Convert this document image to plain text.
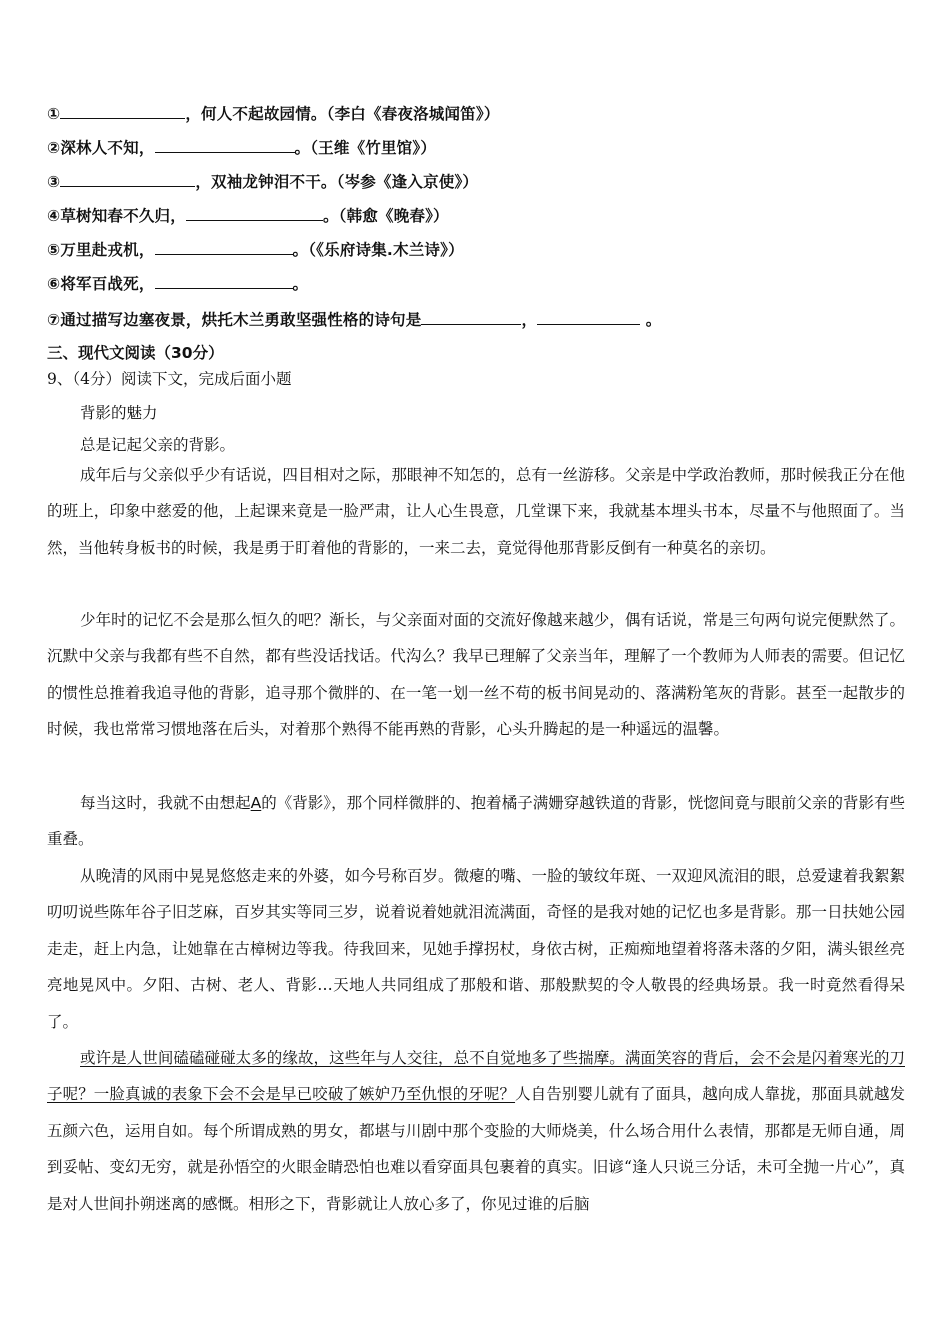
①	，何人不起故园情。（李白《春夜洛城闻笛》）
②深林人不知，	。（王维《竹里馆》）
③	，双袖龙钟泪不干。（岑参《逢入京使》）
④草树知春不久归，	。（韩愈《晚春》）
⑤万里赴戎机，	。（《乐府诗集.木兰诗》）
⑥将军百战死，	。
⑦通过描写边塞夜景，烘托木兰勇敢坚强性格的诗句是	，	。
三、现代文阅读（30分）
9、（4分）阅读下文，完成后面小题
背影的魅力
总是记起父亲的背影。

成年后与父亲似乎少有话说，四目相对之际，那眼神不知怎的，总有一丝游移。父亲是中学政治教师，那时候我正分在他的班上，印象中慈爱的他，上起课来竟是一脸严肃，让人心生畏意，几堂课下来，我就基本埋头书本，尽量不与他照面了。当然，当他转身板书的时候，我是勇于盯着他的背影的，一来二去，竟觉得他那背影反倒有一种莫名的亲切。

少年时的记忆不会是那么恒久的吧？渐长，与父亲面对面的交流好像越来越少，偶有话说，常是三句两句说完便默然了。沉默中父亲与我都有些不自然，都有些没话找话。代沟么？我早已理解了父亲当年，理解了一个教师为人师表的需要。但记忆的惯性总推着我追寻他的背影，追寻那个微胖的、在一笔一划一丝不苟的板书间晃动的、落满粉笔灰的背影。甚至一起散步的时候，我也常常习惯地落在后头，对着那个熟得不能再熟的背影，心头升腾起的是一种遥远的温馨。

每当这时，我就不由想起A的《背影》，那个同样微胖的、抱着橘子满姗穿越铁道的背影，恍惚间竟与眼前父亲的背影有些重叠。

从晚清的风雨中晃晃悠悠走来的外婆，如今号称百岁。微瘪的嘴、一脸的皱纹年斑、一双迎风流泪的眼，总爱逮着我絮絮叨叨说些陈年谷子旧芝麻，百岁其实等同三岁，说着说着她就泪流满面，奇怪的是我对她的记忆也多是背影。那一日扶她公园走走，赶上内急，让她靠在古樟树边等我。待我回来，见她手撑拐杖，身依古树，正痴痴地望着将落未落的夕阳，满头银丝亮亮地晃风中。夕阳、古树、老人、背影…天地人共同组成了那般和谐、那般默契的令人敬畏的经典场景。我一时竟然看得呆了。

或许是人世间磕磕碰碰太多的缘故，这些年与人交往，总不自觉地多了些揣摩。满面笑容的背后，会不会是闪着寒光的刀子呢？一脸真诚的表象下会不会是早已咬破了嫉妒乃至仇恨的牙呢？人自告别婴儿就有了面具，越向成人靠拢，那面具就越发五颜六色，运用自如。每个所谓成熟的男女，都堪与川剧中那个变脸的大师烧美，什么场合用什么表情，那都是无师自通，周到妥帖、变幻无穷，就是孙悟空的火眼金睛恐怕也难以看穿面具包裹着的真实。旧谚“逢人只说三分话，未可全抛一片心”，真是对人世间扑朔迷离的感慨。相形之下，背影就让人放心多了，你见过谁的后脑
